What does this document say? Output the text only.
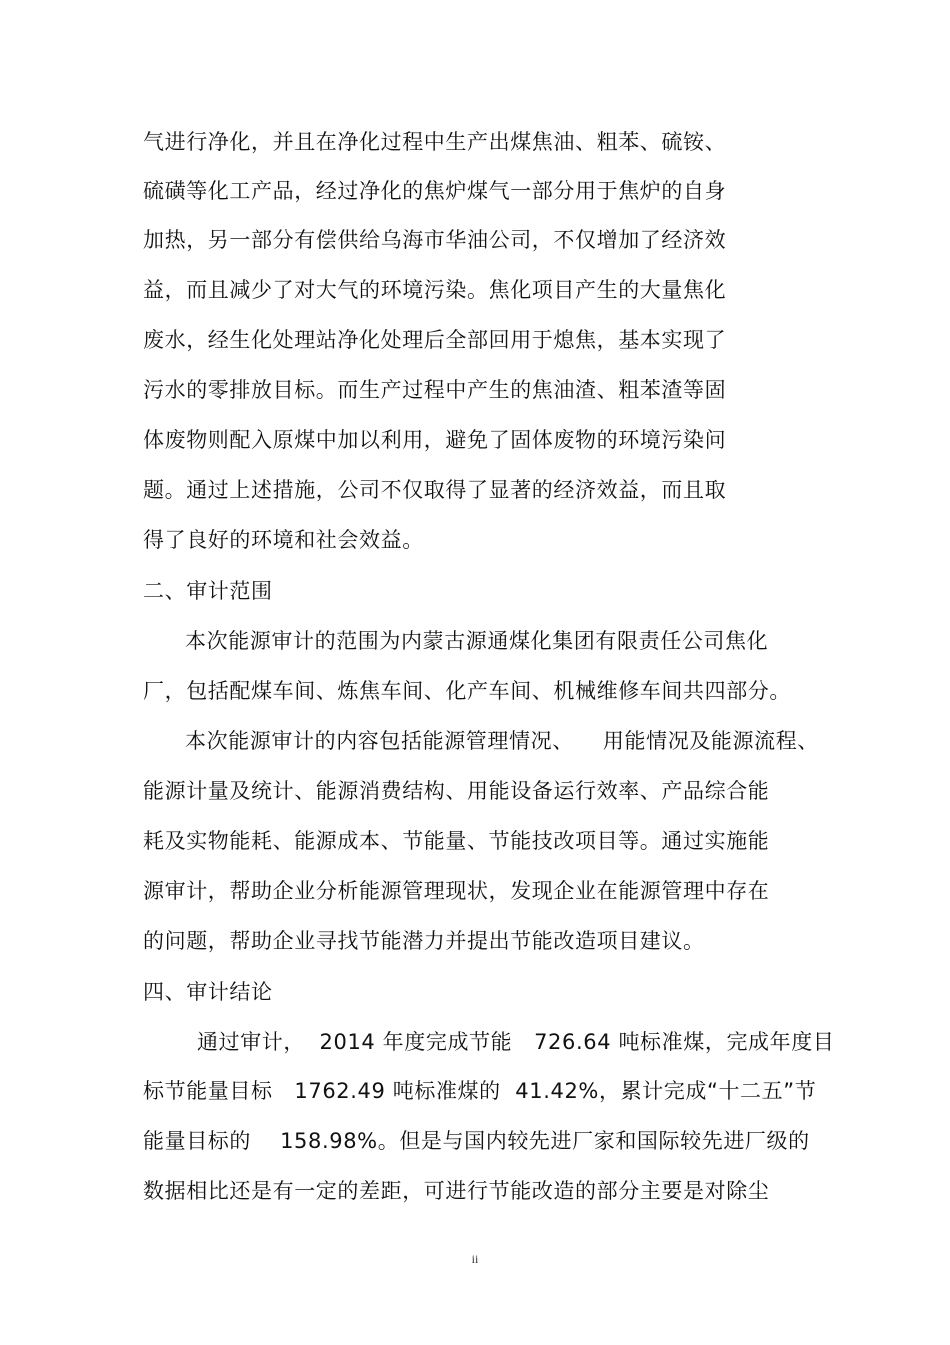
气进行净化，并且在净化过程中生产出煤焦油、粗苯、硫铵、
硫磺等化工产品，经过净化的焦炉煤气一部分用于焦炉的自身
加热，另一部分有偿供给乌海市华油公司，不仅增加了经济效
益，而且减少了对大气的环境污染。焦化项目产生的大量焦化
废水，经生化处理站净化处理后全部回用于熄焦，基本实现了
污水的零排放目标。而生产过程中产生的焦油渣、粗苯渣等固
体废物则配入原煤中加以利用，避免了固体废物的环境污染问
题。通过上述措施，公司不仅取得了显著的经济效益，而且取
得了良好的环境和社会效益。
二、审计范围
本次能源审计的范围为内蒙古源通煤化集团有限责任公司焦化
厂，包括配煤车间、炼焦车间、化产车间、机械维修车间共四部分。
本次能源审计的内容包括能源管理情况、    用能情况及能源流程、
能源计量及统计、能源消费结构、用能设备运行效率、产品综合能
耗及实物能耗、能源成本、节能量、节能技改项目等。通过实施能
源审计，帮助企业分析能源管理现状，发现企业在能源管理中存在
的问题，帮助企业寻找节能潜力并提出节能改造项目建议。
四、审计结论
通过审计，  2014 年度完成节能   726.64 吨标准煤，完成年度目
标节能量目标   1762.49 吨标准煤的  41.42%，累计完成“十二五”节
能量目标的    158.98%。但是与国内较先进厂家和国际较先进厂级的
数据相比还是有一定的差距，可进行节能改造的部分主要是对除尘
ii
